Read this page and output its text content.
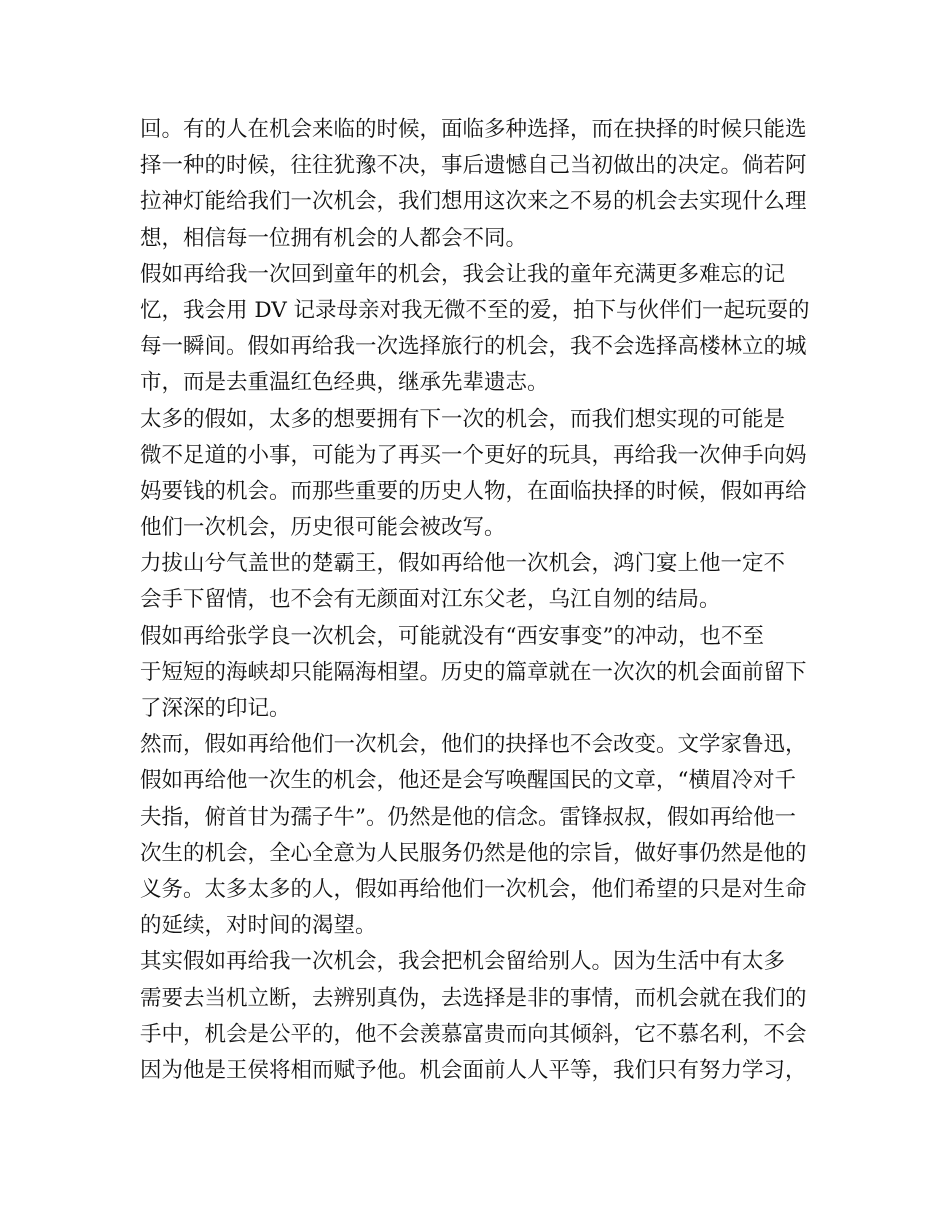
回。有的人在机会来临的时候，面临多种选择，而在抉择的时候只能选
择一种的时候，往往犹豫不决，事后遗憾自己当初做出的决定。倘若阿
拉神灯能给我们一次机会，我们想用这次来之不易的机会去实现什么理
想，相信每一位拥有机会的人都会不同。
假如再给我一次回到童年的机会，我会让我的童年充满更多难忘的记
忆，我会用 DV 记录母亲对我无微不至的爱，拍下与伙伴们一起玩耍的
每一瞬间。假如再给我一次选择旅行的机会，我不会选择高楼林立的城
市，而是去重温红色经典，继承先辈遗志。
太多的假如，太多的想要拥有下一次的机会，而我们想实现的可能是
微不足道的小事，可能为了再买一个更好的玩具，再给我一次伸手向妈
妈要钱的机会。而那些重要的历史人物，在面临抉择的时候，假如再给
他们一次机会，历史很可能会被改写。
力拔山兮气盖世的楚霸王，假如再给他一次机会，鸿门宴上他一定不
会手下留情，也不会有无颜面对江东父老，乌江自刎的结局。
假如再给张学良一次机会，可能就没有“西安事变”的冲动，也不至
于短短的海峡却只能隔海相望。历史的篇章就在一次次的机会面前留下
了深深的印记。
然而，假如再给他们一次机会，他们的抉择也不会改变。文学家鲁迅，
假如再给他一次生的机会，他还是会写唤醒国民的文章，“横眉冷对千
夫指，俯首甘为孺子牛”。仍然是他的信念。雷锋叔叔，假如再给他一
次生的机会，全心全意为人民服务仍然是他的宗旨，做好事仍然是他的
义务。太多太多的人，假如再给他们一次机会，他们希望的只是对生命
的延续，对时间的渴望。
其实假如再给我一次机会，我会把机会留给别人。因为生活中有太多
需要去当机立断，去辨别真伪，去选择是非的事情，而机会就在我们的
手中，机会是公平的，他不会羡慕富贵而向其倾斜，它不慕名利，不会
因为他是王侯将相而赋予他。机会面前人人平等，我们只有努力学习，
